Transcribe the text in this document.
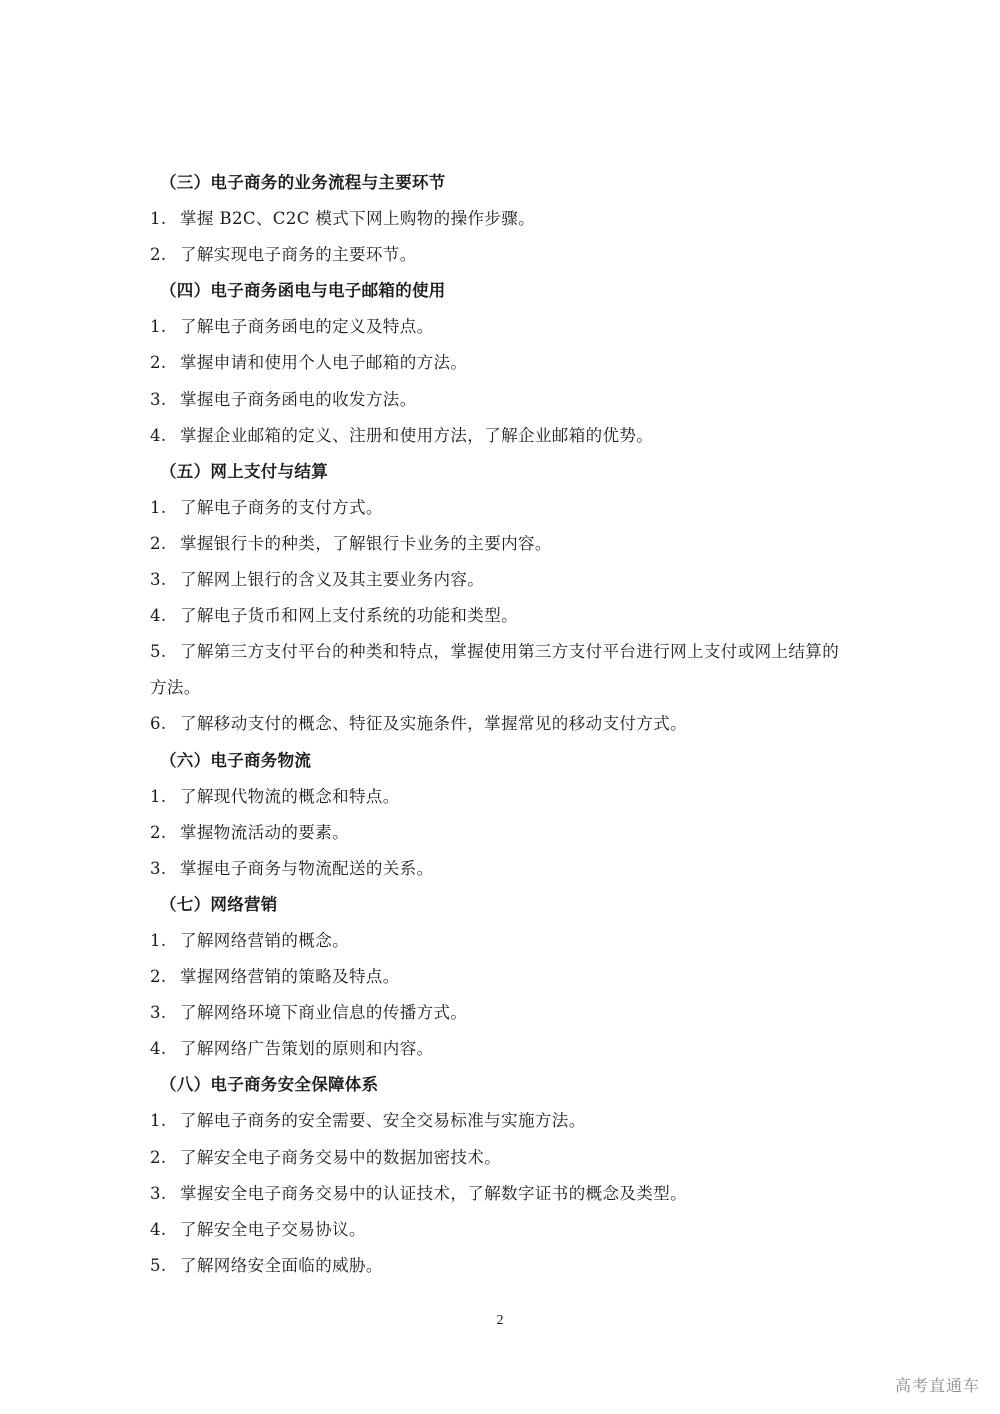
（三）电子商务的业务流程与主要环节
1. 掌握 B2C、C2C 模式下网上购物的操作步骤。
2. 了解实现电子商务的主要环节。
（四）电子商务函电与电子邮箱的使用
1. 了解电子商务函电的定义及特点。
2. 掌握申请和使用个人电子邮箱的方法。
3. 掌握电子商务函电的收发方法。
4. 掌握企业邮箱的定义、注册和使用方法，了解企业邮箱的优势。
（五）网上支付与结算
1. 了解电子商务的支付方式。
2. 掌握银行卡的种类，了解银行卡业务的主要内容。
3. 了解网上银行的含义及其主要业务内容。
4. 了解电子货币和网上支付系统的功能和类型。
5. 了解第三方支付平台的种类和特点，掌握使用第三方支付平台进行网上支付或网上结算的方法。
6. 了解移动支付的概念、特征及实施条件，掌握常见的移动支付方式。
（六）电子商务物流
1. 了解现代物流的概念和特点。
2. 掌握物流活动的要素。
3. 掌握电子商务与物流配送的关系。
（七）网络营销
1. 了解网络营销的概念。
2. 掌握网络营销的策略及特点。
3. 了解网络环境下商业信息的传播方式。
4. 了解网络广告策划的原则和内容。
（八）电子商务安全保障体系
1. 了解电子商务的安全需要、安全交易标准与实施方法。
2. 了解安全电子商务交易中的数据加密技术。
3. 掌握安全电子商务交易中的认证技术，了解数字证书的概念及类型。
4. 了解安全电子交易协议。
5. 了解网络安全面临的威胁。
2
高考直通车
